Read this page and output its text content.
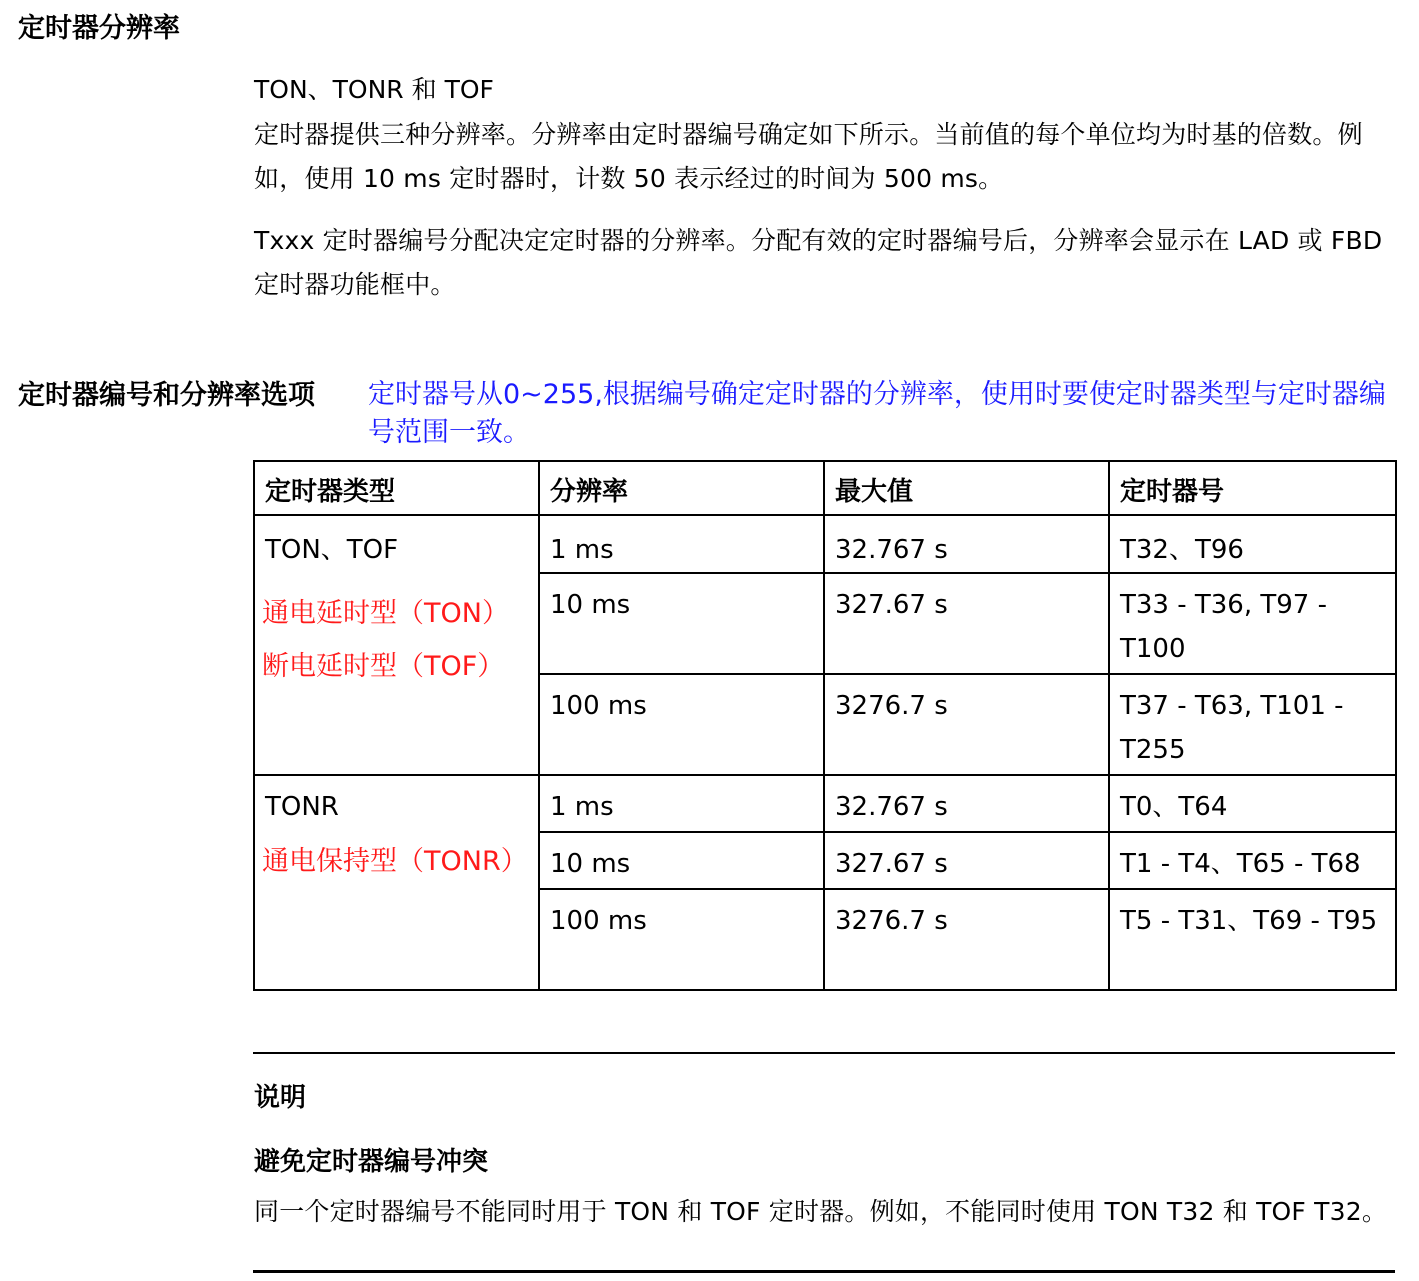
定时器分辨率
TON、TONR 和 TOF
定时器提供三种分辨率。分辨率由定时器编号确定如下所示。当前值的每个单位均为时基的倍数。例如，使用 10 ms 定时器时，计数 50 表示经过的时间为 500 ms。
Txxx 定时器编号分配决定定时器的分辨率。分配有效的定时器编号后，分辨率会显示在 LAD 或 FBD 定时器功能框中。
定时器编号和分辨率选项 定时器号从0~255,根据编号确定定时器的分辨率，使用时要使定时器类型与定时器编号范围一致。
定时器类型	分辨率	最大值	定时器号

TON、TOF
通电延时型（TON）
断电延时型（TOF）	1 ms	32.767 s	T32、T96
	10 ms	327.67 s	T33 - T36, T97 - T100
	100 ms	3276.7 s	T37 - T63, T101 - T255

TONR
通电保持型（TONR）	1 ms	32.767 s	T0、T64
	10 ms	327.67 s	T1 - T4、T65 - T68
	100 ms	3276.7 s	T5 - T31、T69 - T95
说明
避免定时器编号冲突
同一个定时器编号不能同时用于 TON 和 TOF 定时器。例如，不能同时使用 TON T32 和 TOF T32。
